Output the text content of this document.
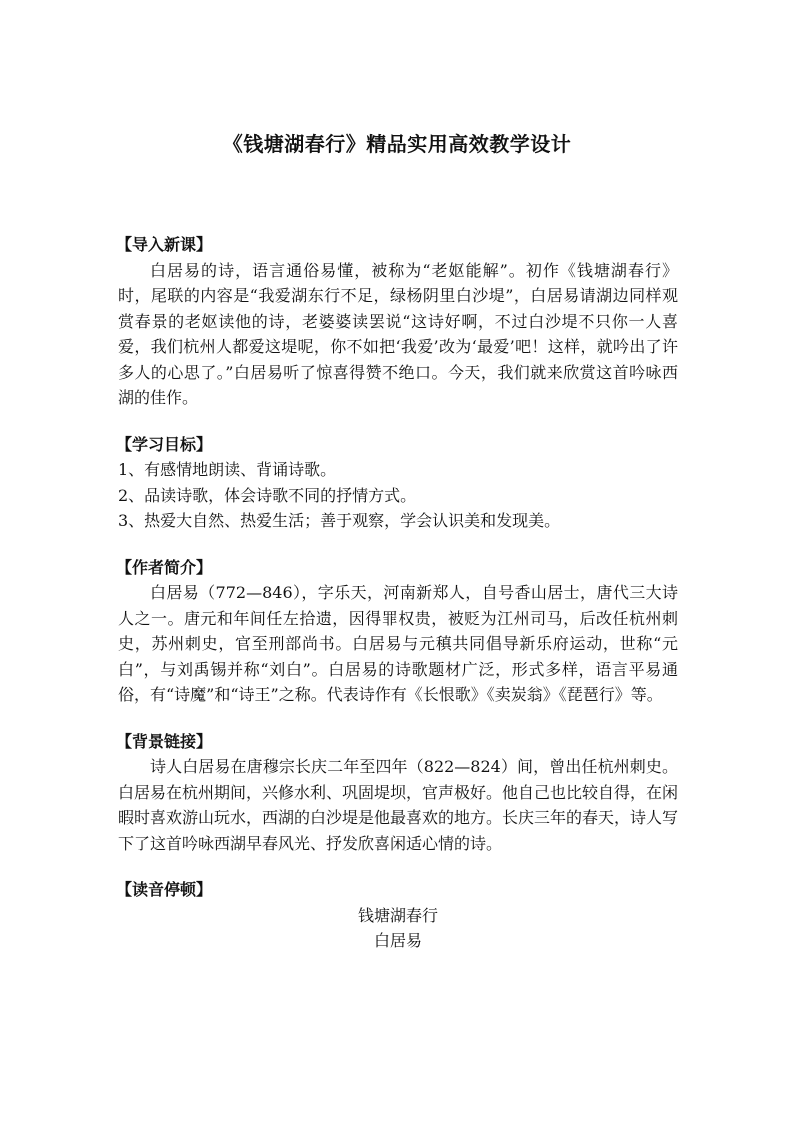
《钱塘湖春行》精品实用高效教学设计
【导入新课】

白居易的诗，语言通俗易懂，被称为“老妪能解”。初作《钱塘湖春行》时，尾联的内容是“我爱湖东行不足，绿杨阴里白沙堤”，白居易请湖边同样观赏春景的老妪读他的诗，老婆婆读罢说“这诗好啊，不过白沙堤不只你一人喜爱，我们杭州人都爱这堤呢，你不如把‘我爱’改为‘最爱’吧！这样，就吟出了许多人的心思了。”白居易听了惊喜得赞不绝口。今天，我们就来欣赏这首吟咏西湖的佳作。

【学习目标】

1、有感情地朗读、背诵诗歌。

2、品读诗歌，体会诗歌不同的抒情方式。

3、热爱大自然、热爱生活；善于观察，学会认识美和发现美。

【作者简介】

白居易（772—846），字乐天，河南新郑人，自号香山居士，唐代三大诗人之一。唐元和年间任左拾遗，因得罪权贵，被贬为江州司马，后改任杭州刺史，苏州刺史，官至刑部尚书。白居易与元稹共同倡导新乐府运动，世称“元白”，与刘禹锡并称“刘白”。白居易的诗歌题材广泛，形式多样，语言平易通俗，有“诗魔”和“诗王”之称。代表诗作有《长恨歌》《卖炭翁》《琵琶行》等。

【背景链接】

诗人白居易在唐穆宗长庆二年至四年（822—824）间，曾出任杭州刺史。白居易在杭州期间，兴修水利、巩固堤坝，官声极好。他自己也比较自得，在闲暇时喜欢游山玩水，西湖的白沙堤是他最喜欢的地方。长庆三年的春天，诗人写下了这首吟咏西湖早春风光、抒发欣喜闲适心情的诗。

【读音停顿】

钱塘湖春行

白居易
